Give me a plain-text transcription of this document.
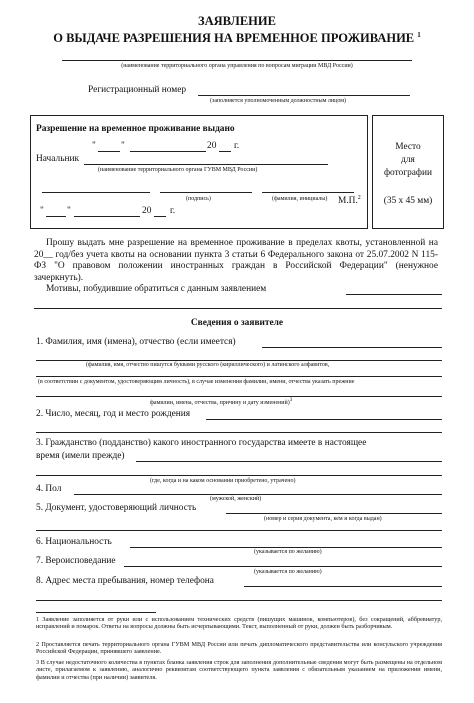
ЗАЯВЛЕНИЕ
О ВЫДАЧЕ РАЗРЕШЕНИЯ НА ВРЕМЕННОЕ ПРОЖИВАНИЕ $^1$
(наименование территориального органа управления по вопросам миграции МВД России)
Регистрационный номер
(заполняется уполномоченным должностным лицом)
Разрешение на временное проживание выдано
"	"	20 г.
Начальник
(наименование территориального органа ГУВМ МВД России)
(подпись)	(фамилия, инициалы) М.П.$^2$
" "	20 г.
Место
для
фотографии
(35 х 45 мм)
Прошу выдать мне разрешение на временное проживание в пределах квоты, установленной на 20__ год/без учета квоты на основании пункта 3 статьи 6 Федерального закона от 25.07.2002 N 115-ФЗ "О правовом положении иностранных граждан в Российской Федерации" (ненужное зачеркнуть).
Мотивы, побудившие обратиться с данным заявлением
Сведения о заявителе
1. Фамилия, имя (имена), отчество (если имеется)
(фамилия, имя, отчество пишутся буквами русского (кириллического) и латинского алфавитов,
(в соответствии с документом, удостоверяющим личность), в случае изменения фамилии, имени, отчества указать прежние
фамилии, имена, отчества, причину и дату изменений)$^3$
2. Число, месяц, год и место рождения
3. Гражданство (подданство) какого иностранного государства имеете в настоящее
время (имели прежде)
(где, когда и на каком основании приобретено, утрачено)
4. Пол
(мужской, женский)
5. Документ, удостоверяющий личность
(номер и серия документа, кем и когда выдан)
6. Национальность
(указывается по желанию)
7. Вероисповедание
(указывается по желанию)
8. Адрес места пребывания, номер телефона
1 Заявление заполняется от руки или с использованием технических средств (пишущих машинок, компьютеров), без сокращений, аббревиатур, исправлений и помарок. Ответы на вопросы должны быть исчерпывающими. Текст, выполненный от руки, должен быть разборчивым.
2 Проставляется печать территориального органа ГУВМ МВД России или печать дипломатического представительства или консульского учреждения Российской Федерации, принявшего заявление.
3 В случае недостаточного количества в пунктах бланка заявления строк для заполнения дополнительные сведения могут быть размещены на отдельном листе, прилагаемом к заявлению, аналогично реквизитам соответствующего пункта заявления с обязательным указанием на приложении имени, фамилии и отчества (при наличии) заявителя.
